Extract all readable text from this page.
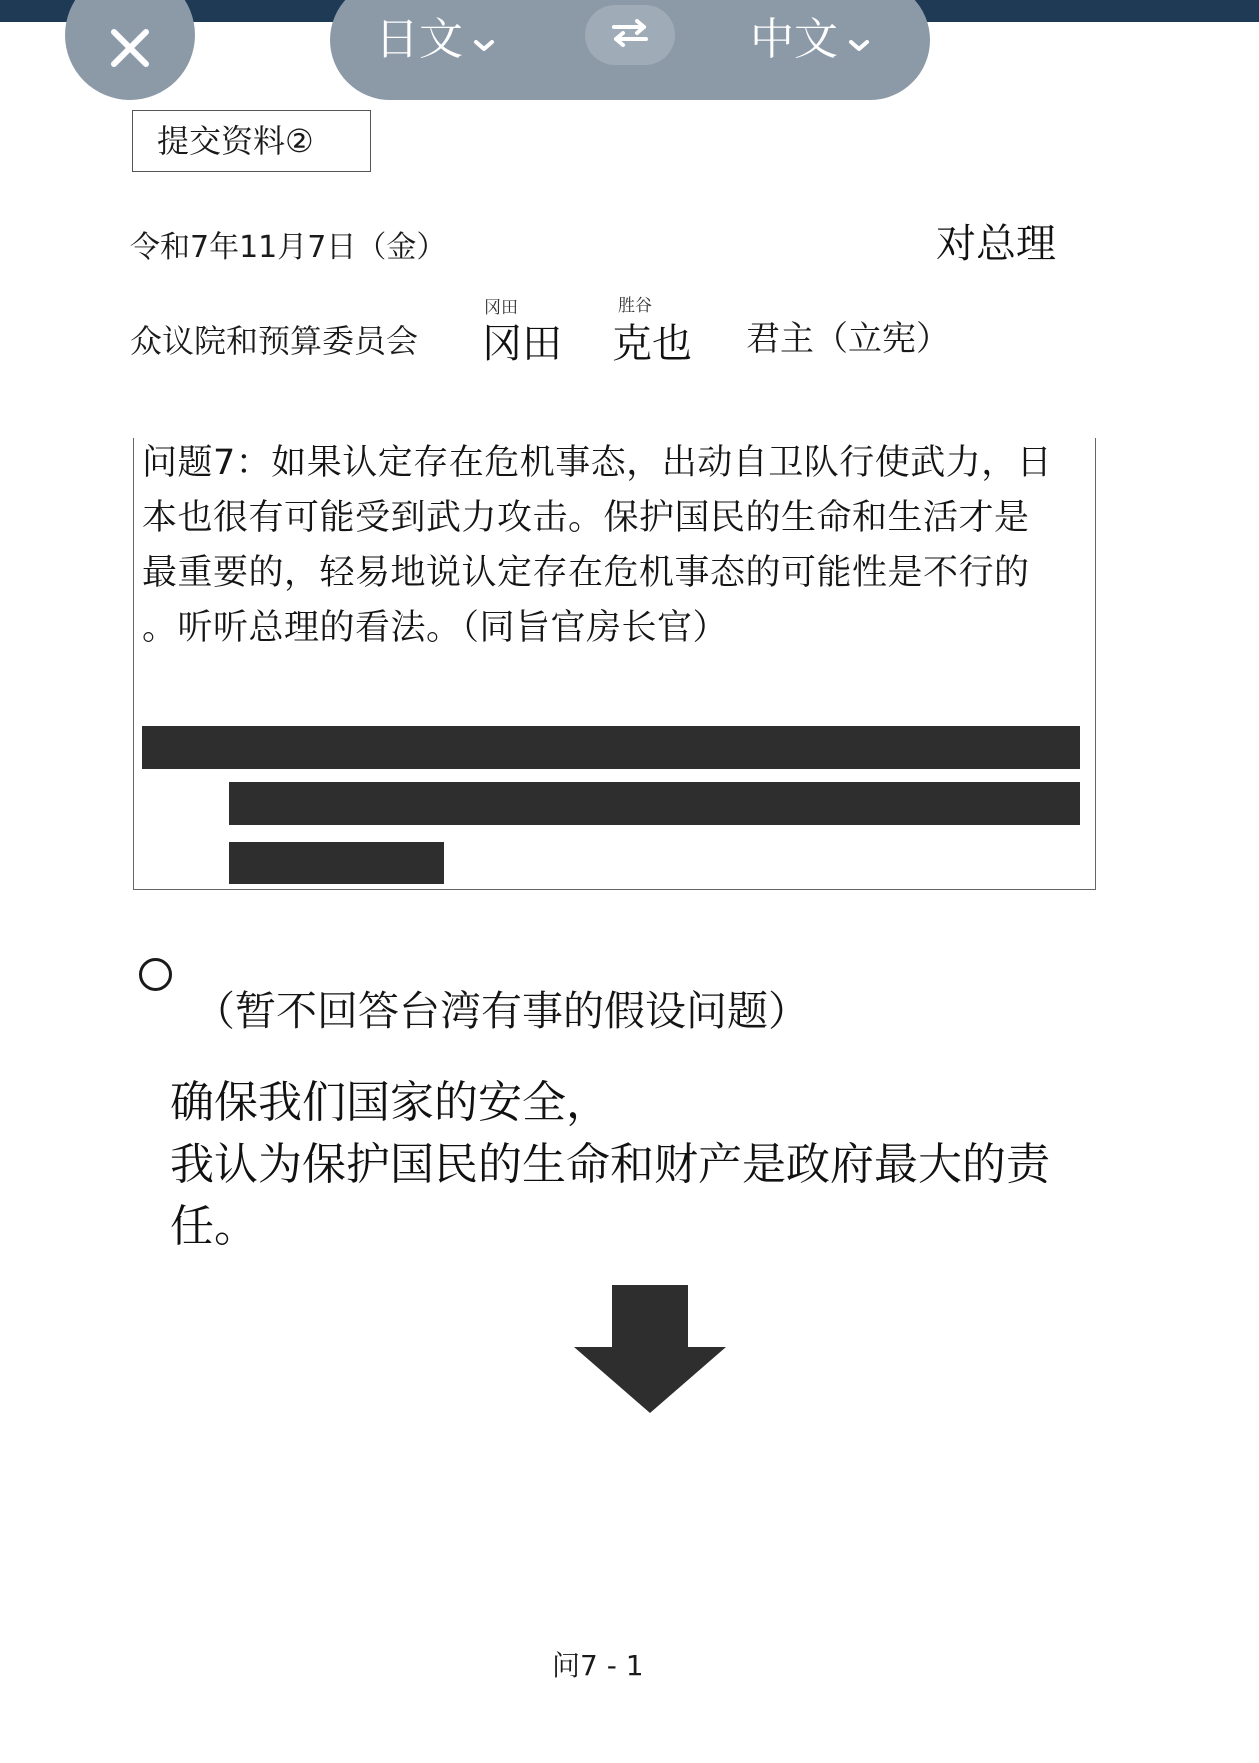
日文	中文
提交资料②
令和7年11月7日（金）	对总理
众议院和预算委员会
冈田
冈田
胜谷
克也 君主（立宪）
问题7：如果认定存在危机事态，出动自卫队行使武力，日
本也很有可能受到武力攻击。保护国民的生命和生活才是
最重要的，轻易地说认定存在危机事态的可能性是不行的
。听听总理的看法。（同旨官房长官）
（暂不回答台湾有事的假设问题）
确保我们国家的安全，
我认为保护国民的生命和财产是政府最大的责
任。
问7 - 1
